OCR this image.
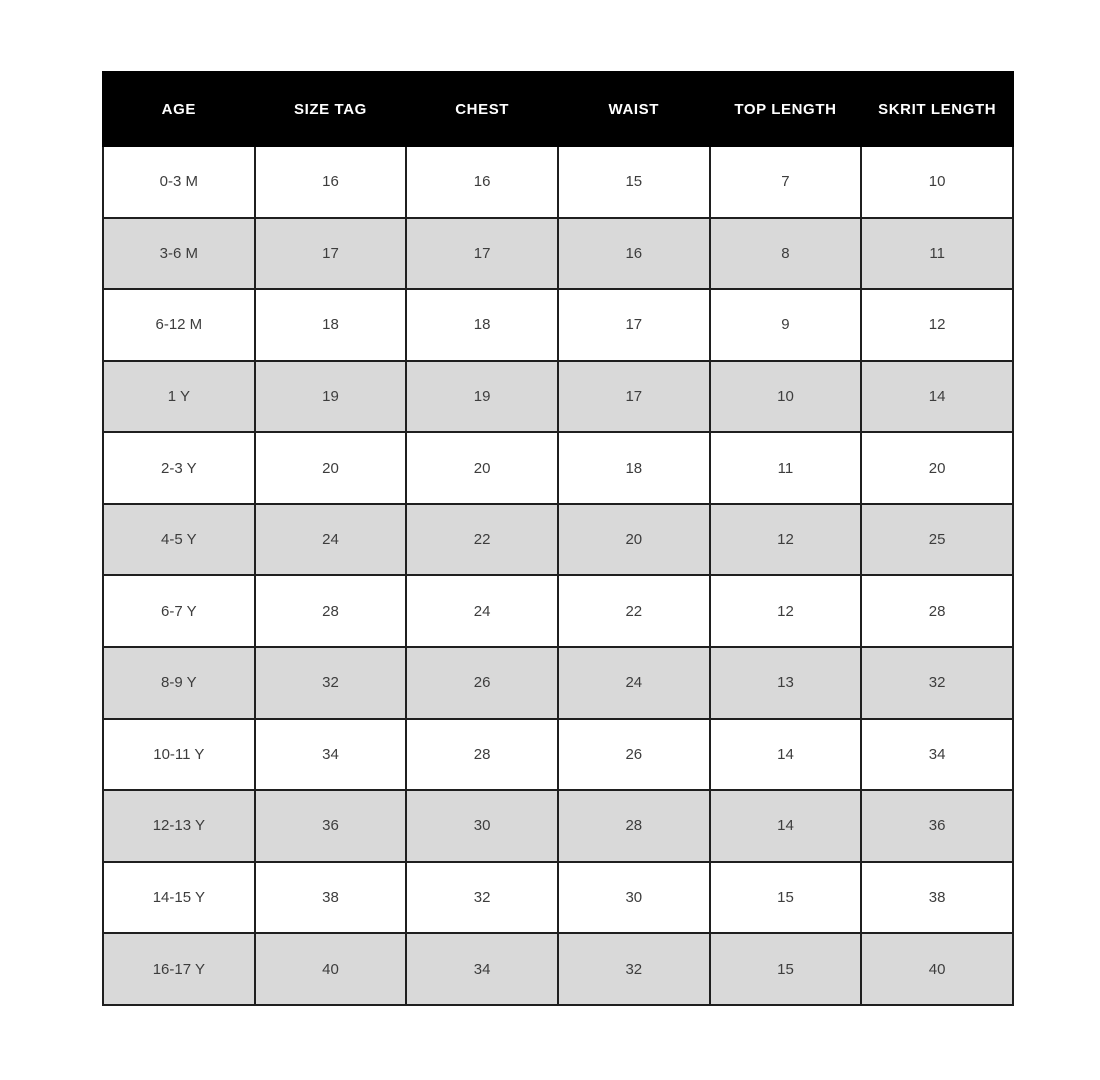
AGE	SIZE TAG	CHEST	WAIST	TOP LENGTH	SKRIT LENGTH
0-3 M	16	16	15	7	10
3-6 M	17	17	16	8	11
6-12 M	18	18	17	9	12
1 Y	19	19	17	10	14
2-3 Y	20	20	18	11	20
4-5 Y	24	22	20	12	25
6-7 Y	28	24	22	12	28
8-9 Y	32	26	24	13	32
10-11 Y	34	28	26	14	34
12-13 Y	36	30	28	14	36
14-15 Y	38	32	30	15	38
16-17 Y	40	34	32	15	40
